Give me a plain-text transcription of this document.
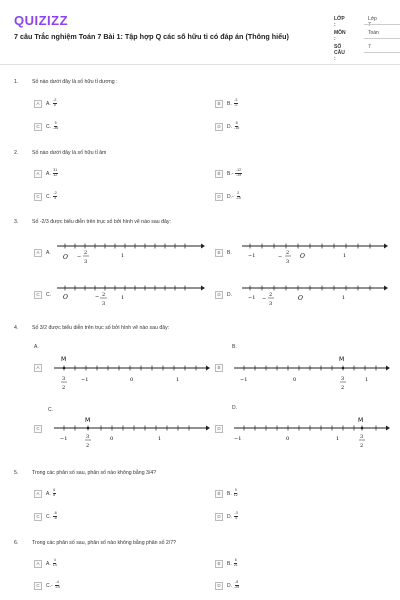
QUIZIZZ
7 câu Trắc nghiệm Toán 7 Bài 1: Tập hợp Q các số hữu tỉ có đáp án (Thông hiểu)
LỚP :
Lớp 7
MÔN :
Toán
SỐ CÂU :
7
1.	Số nào dưới đây là số hữu tỉ dương :
A	A. $\frac{-2}{5}$	B	B. $\frac{-3}{-2}$
C	C. $\frac{5}{-36}$	D	D. $\frac{8}{-15}$
2.	Số nào dưới đây là số hữu tỉ âm
A	A. $\frac{31}{12}$	B	B. - $\frac{-12}{-19}$
C	C. $\frac{-2}{3}$	D	D. - $\frac{2}{-15}$
3.	Số -2/3 được biểu diễn trên trục số bởi hình vẽ nào sau đây:
A	A.
O −
2
3
1
B	B.
−1	−
2
3
O	1
C	C. O	− 2
3
1
D	D.
−1 −
2
3
O	1
4.	Số 3/2 được biểu diễn trên trục số bởi hình vẽ nào sau đây:
A.
A
M
3
2
−1	0	1
B.
B
M
−1	0	3
2
1
C.
C
M
−1	3
2
0	1
D.
D
M
−1	0	1	3
2
5.	Trong các phân số sau, phân số nào không bằng 3/4?
A	A. $\frac{6}{8}$	B	B. $\frac{9}{12}$
C	C. $\frac{-6}{-8}$	D	D. $\frac{-3}{4}$
6.	Trong các phân số sau, phân số nào không bằng phân số 2/7?
A	A. $\frac{4}{14}$	B	B. $\frac{6}{21}$
C	C. - $\frac{-4}{-14}$	D	D. $\frac{-8}{-28}$
